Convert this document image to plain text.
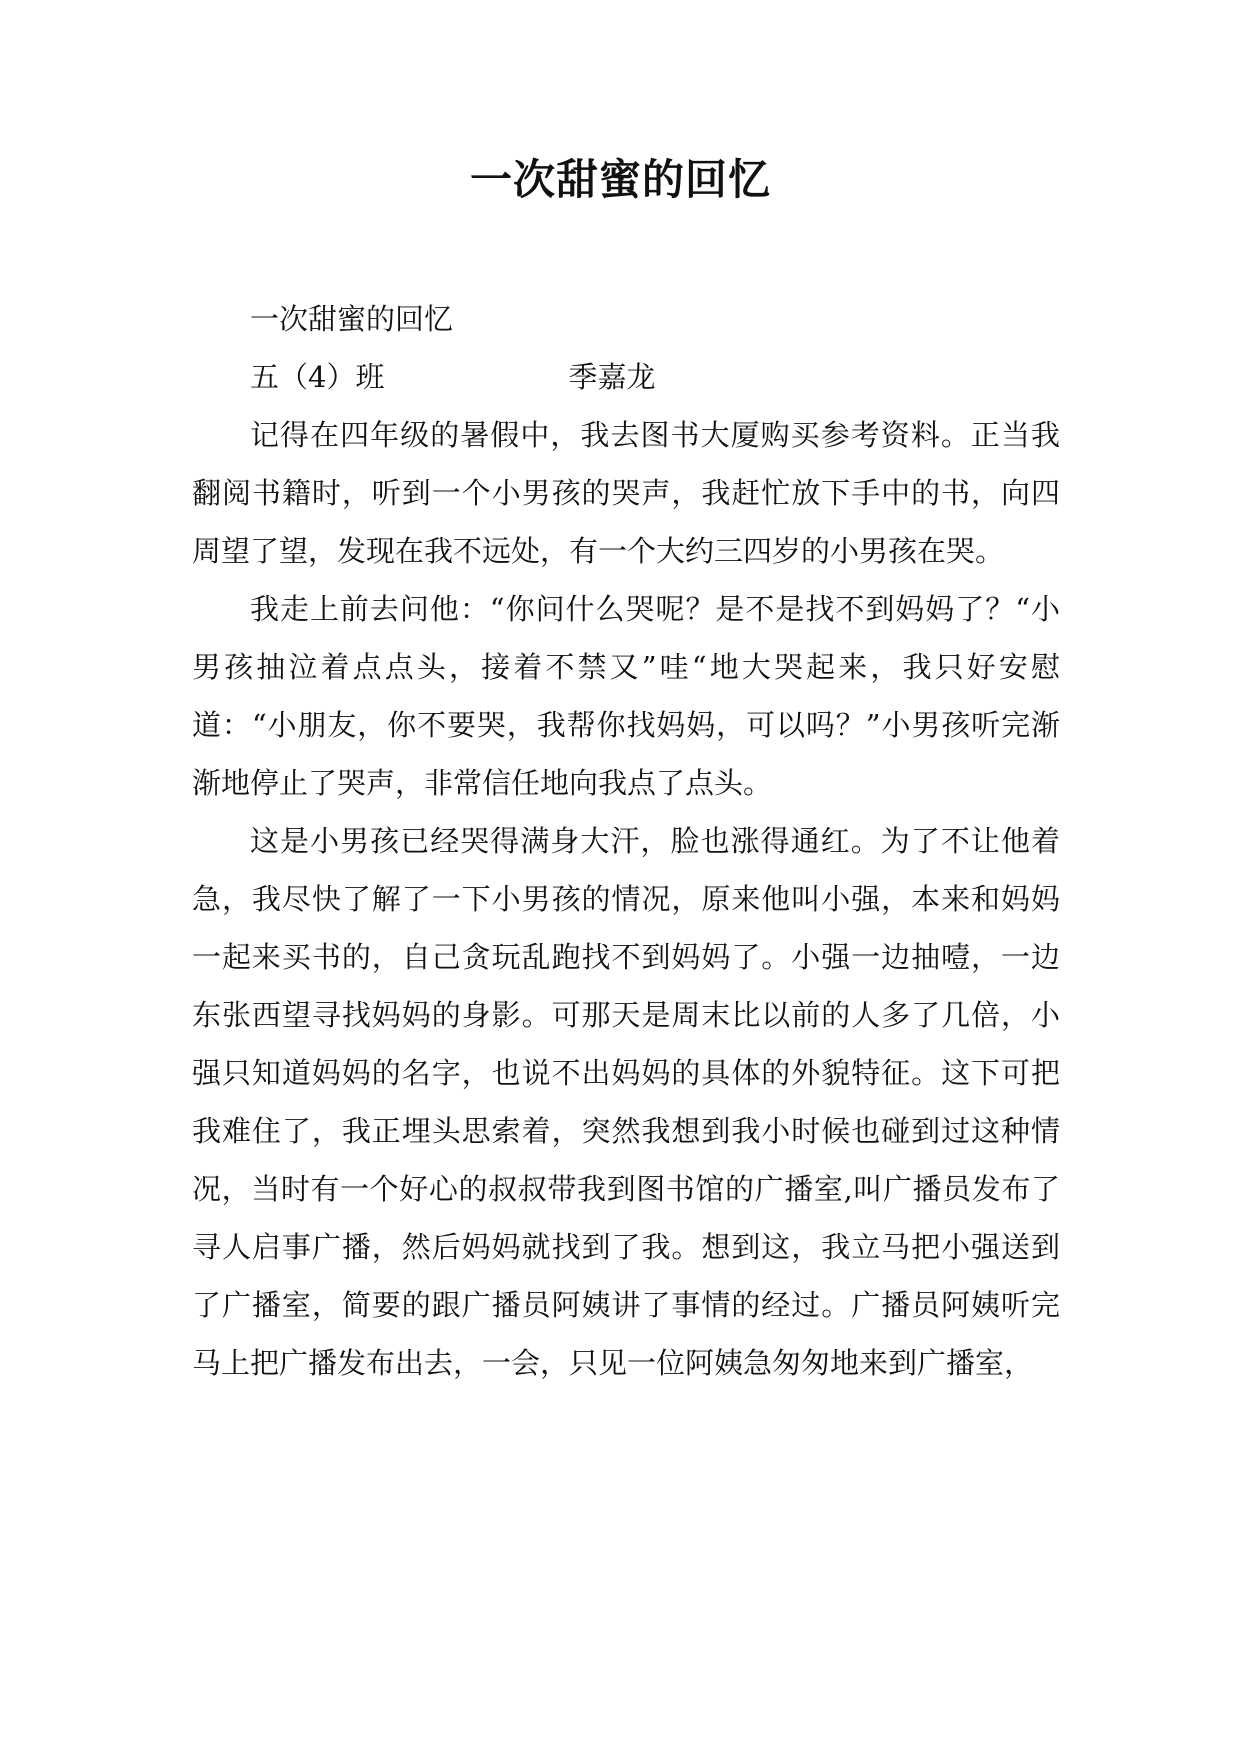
一次甜蜜的回忆
一次甜蜜的回忆
五（4）班	季嘉龙

记得在四年级的暑假中，我去图书大厦购买参考资料。正当我翻阅书籍时，听到一个小男孩的哭声，我赶忙放下手中的书，向四周望了望，发现在我不远处，有一个大约三四岁的小男孩在哭。

我走上前去问他：“你问什么哭呢？是不是找不到妈妈了？“小男孩抽泣着点点头，接着不禁又”哇“地大哭起来，我只好安慰道：“小朋友，你不要哭，我帮你找妈妈，可以吗？”小男孩听完渐渐地停止了哭声，非常信任地向我点了点头。

这是小男孩已经哭得满身大汗，脸也涨得通红。为了不让他着急，我尽快了解了一下小男孩的情况，原来他叫小强，本来和妈妈一起来买书的，自己贪玩乱跑找不到妈妈了。小强一边抽噎，一边东张西望寻找妈妈的身影。可那天是周末比以前的人多了几倍，小强只知道妈妈的名字，也说不出妈妈的具体的外貌特征。这下可把我难住了，我正埋头思索着，突然我想到我小时候也碰到过这种情况，当时有一个好心的叔叔带我到图书馆的广播室,叫广播员发布了寻人启事广播，然后妈妈就找到了我。想到这，我立马把小强送到了广播室，简要的跟广播员阿姨讲了事情的经过。广播员阿姨听完马上把广播发布出去，一会，只见一位阿姨急匆匆地来到广播室，
